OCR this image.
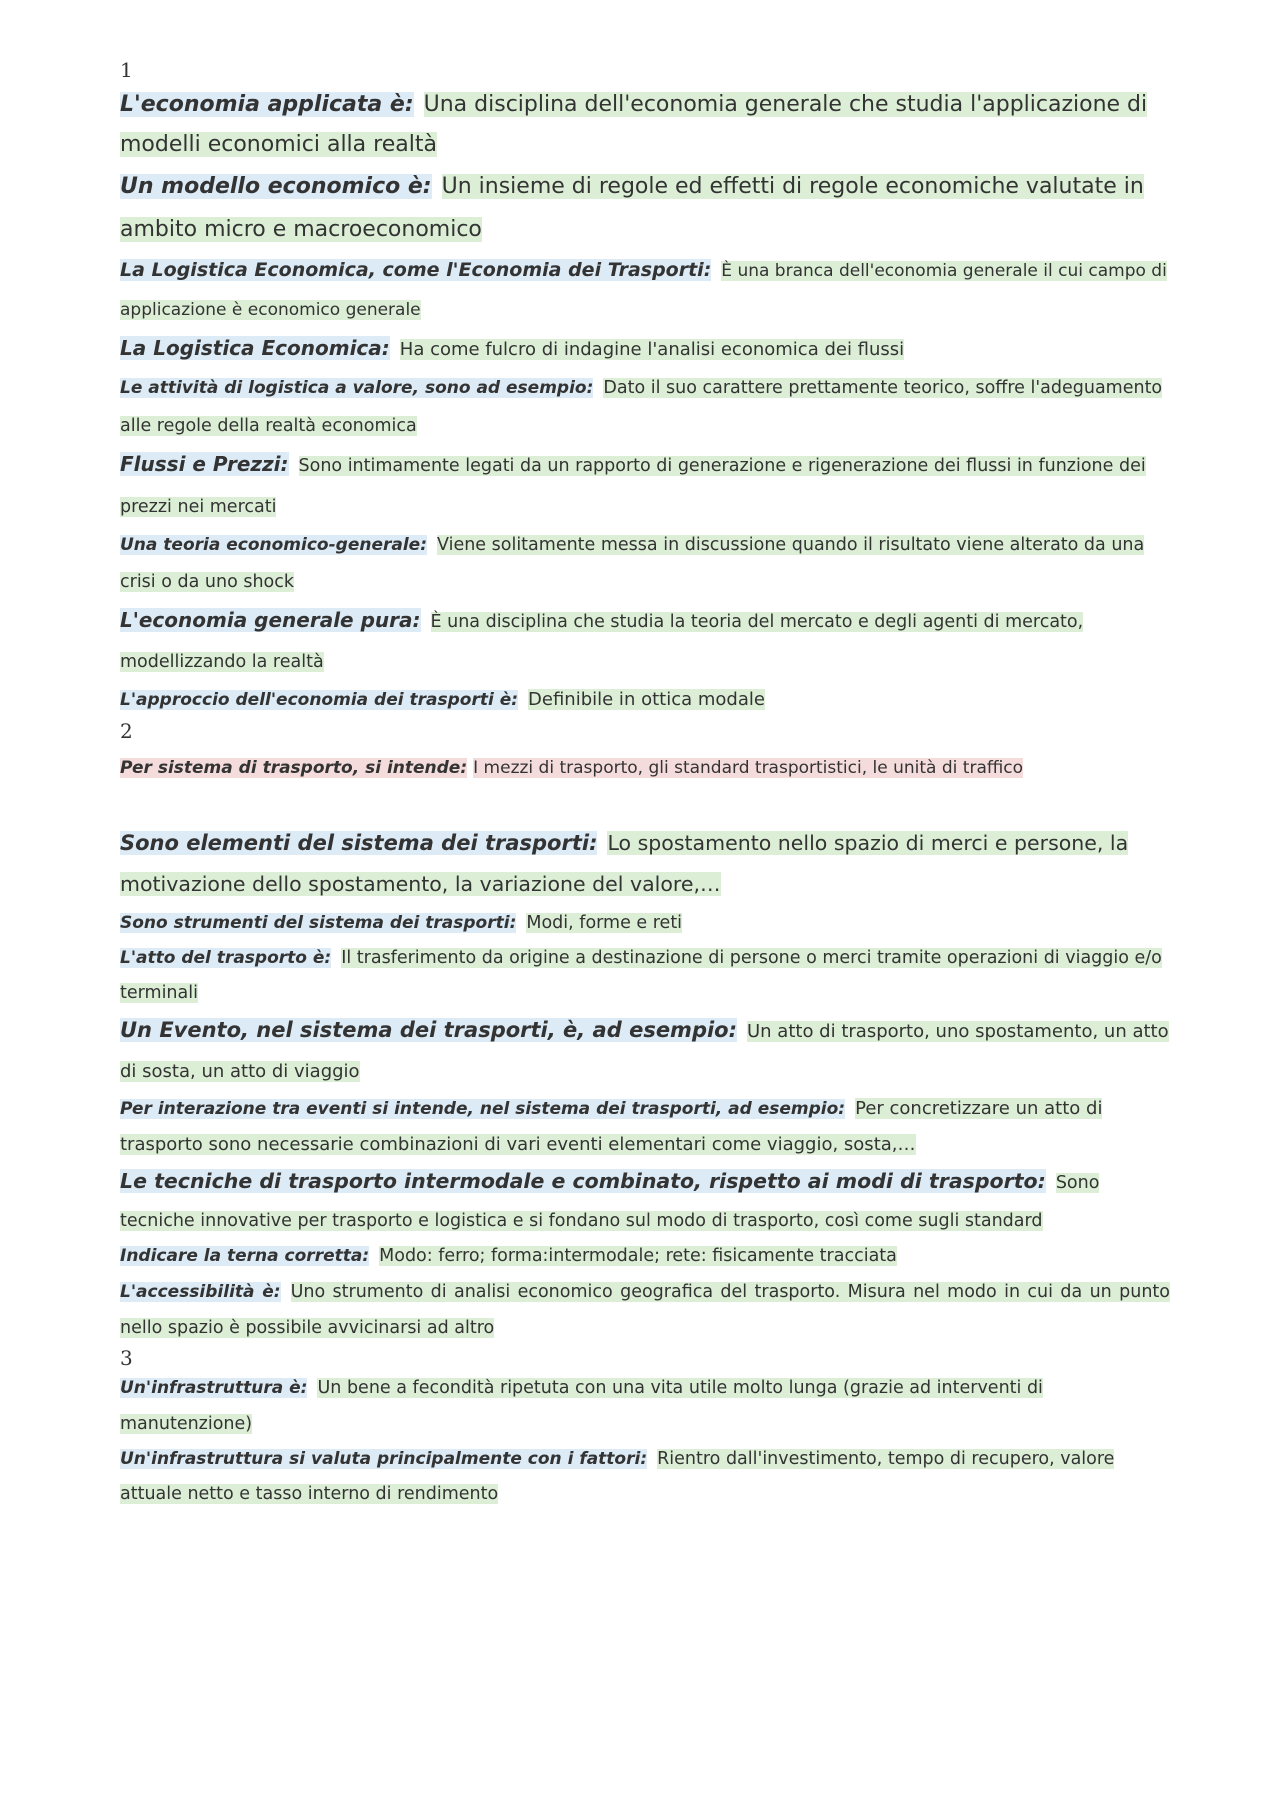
1

L'economia applicata è: Una disciplina dell'economia generale che studia l'applicazione di modelli economici alla realtà

Un modello economico è: Un insieme di regole ed effetti di regole economiche valutate in ambito micro e macroeconomico

La Logistica Economica, come l'Economia dei Trasporti: È una branca dell'economia generale il cui campo di applicazione è economico generale

La Logistica Economica: Ha come fulcro di indagine l'analisi economica dei flussi

Le attività di logistica a valore, sono ad esempio: Dato il suo carattere prettamente teorico, soffre l'adeguamento alle regole della realtà economica

Flussi e Prezzi: Sono intimamente legati da un rapporto di generazione e rigenerazione dei flussi in funzione dei prezzi nei mercati

Una teoria economico-generale: Viene solitamente messa in discussione quando il risultato viene alterato da una crisi o da uno shock

L'economia generale pura: È una disciplina che studia la teoria del mercato e degli agenti di mercato, modellizzando la realtà

L'approccio dell'economia dei trasporti è: Definibile in ottica modale

2

Per sistema di trasporto, si intende: I mezzi di trasporto, gli standard trasportistici, le unità di traffico

Sono elementi del sistema dei trasporti: Lo spostamento nello spazio di merci e persone, la motivazione dello spostamento, la variazione del valore,…

Sono strumenti del sistema dei trasporti: Modi, forme e reti

L'atto del trasporto è: Il trasferimento da origine a destinazione di persone o merci tramite operazioni di viaggio e/o terminali

Un Evento, nel sistema dei trasporti, è, ad esempio: Un atto di trasporto, uno spostamento, un atto di sosta, un atto di viaggio

Per interazione tra eventi si intende, nel sistema dei trasporti, ad esempio: Per concretizzare un atto di trasporto sono necessarie combinazioni di vari eventi elementari come viaggio, sosta,…

Le tecniche di trasporto intermodale e combinato, rispetto ai modi di trasporto: Sono tecniche innovative per trasporto e logistica e si fondano sul modo di trasporto, così come sugli standard

Indicare la terna corretta: Modo: ferro; forma:intermodale; rete: fisicamente tracciata

L'accessibilità è: Uno strumento di analisi economico geografica del trasporto. Misura nel modo in cui da un punto nello spazio è possibile avvicinarsi ad altro

3

Un'infrastruttura è: Un bene a fecondità ripetuta con una vita utile molto lunga (grazie ad interventi di manutenzione)

Un'infrastruttura si valuta principalmente con i fattori: Rientro dall'investimento, tempo di recupero, valore attuale netto e tasso interno di rendimento
